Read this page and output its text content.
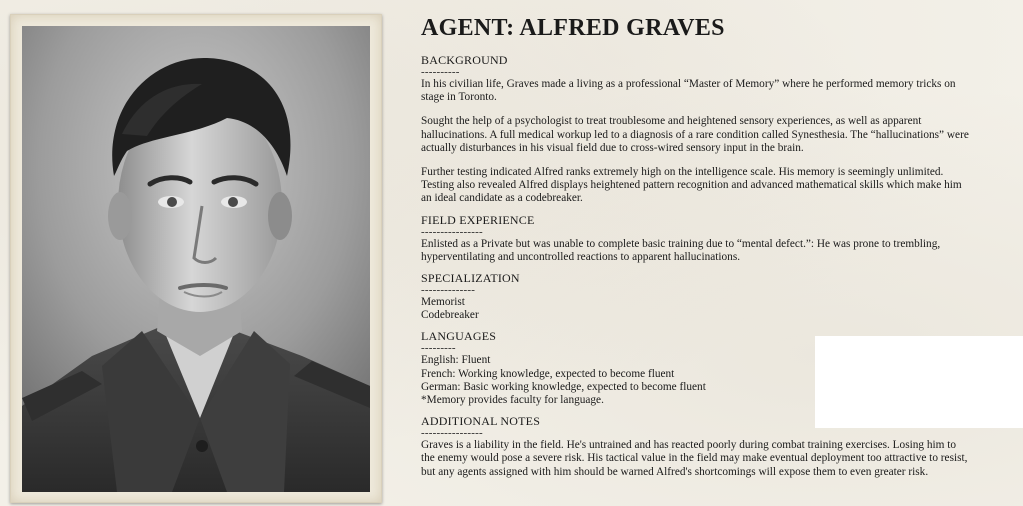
AGENT: ALFRED GRAVES

BACKGROUND

----------

In his civilian life, Graves made a living as a professional “Master of Memory” where he performed memory tricks on
stage in Toronto.

Sought the help of a psychologist to treat troublesome and heightened sensory experiences, as well as apparent
hallucinations. A full medical workup led to a diagnosis of a rare condition called Synesthesia. The “hallucinations” were
actually disturbances in his visual field due to cross-wired sensory input in the brain.

Further testing indicated Alfred ranks extremely high on the intelligence scale. His memory is seemingly unlimited.
Testing also revealed Alfred displays heightened pattern recognition and advanced mathematical skills which make him
an ideal candidate as a codebreaker.

FIELD EXPERIENCE

----------------

Enlisted as a Private but was unable to complete basic training due to “mental defect.”: He was prone to trembling,
hyperventilating and uncontrolled reactions to apparent hallucinations.

SPECIALIZATION

--------------

Memorist
Codebreaker

LANGUAGES

---------

English: Fluent
French: Working knowledge, expected to become fluent
German: Basic working knowledge, expected to become fluent
*Memory provides faculty for language.

ADDITIONAL NOTES

----------------

Graves is a liability in the field. He's untrained and has reacted poorly during combat training exercises. Losing him to
the enemy would pose a severe risk. His tactical value in the field may make eventual deployment too attractive to resist,
but any agents assigned with him should be warned Alfred's shortcomings will expose them to even greater risk.
